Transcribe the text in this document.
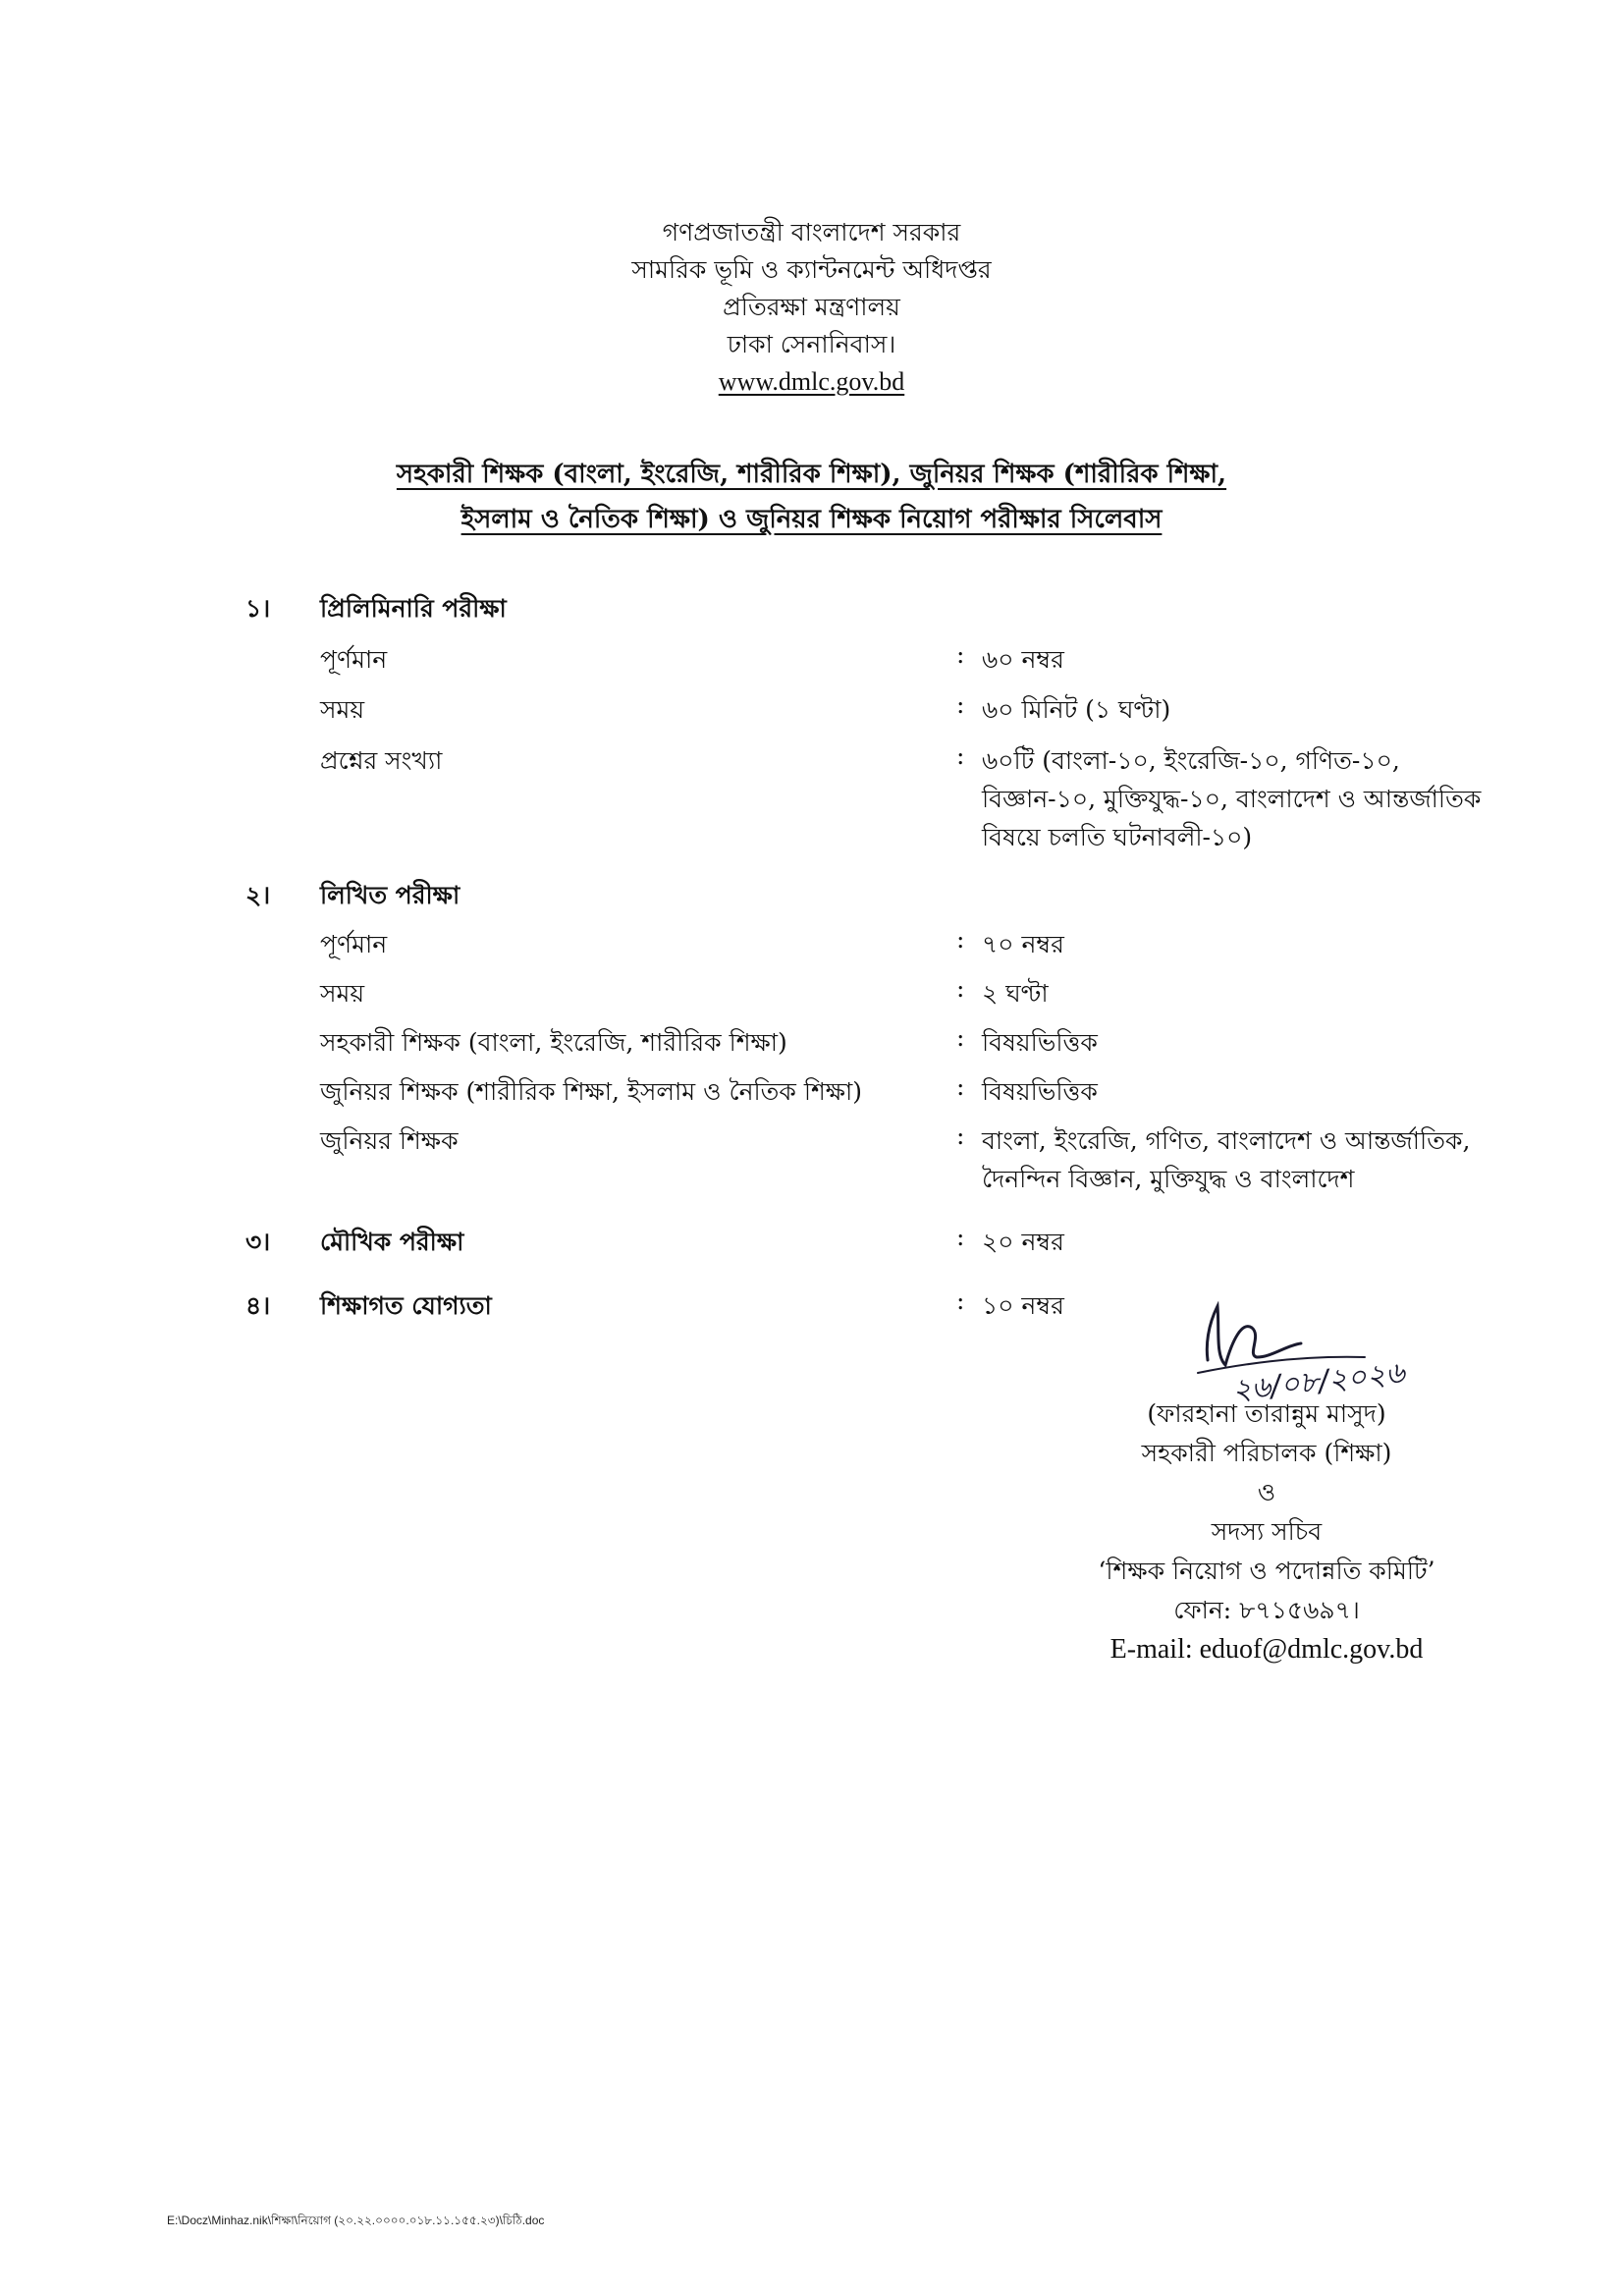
গণপ্রজাতন্ত্রী বাংলাদেশ সরকার
সামরিক ভূমি ও ক্যান্টনমেন্ট অধিদপ্তর
প্রতিরক্ষা মন্ত্রণালয়
ঢাকা সেনানিবাস।
www.dmlc.gov.bd
সহকারী শিক্ষক (বাংলা, ইংরেজি, শারীরিক শিক্ষা), জুনিয়র শিক্ষক (শারীরিক শিক্ষা,
ইসলাম ও নৈতিক শিক্ষা) ও জুনিয়র শিক্ষক নিয়োগ পরীক্ষার সিলেবাস
১। প্রিলিমিনারি পরীক্ষা
পূর্ণমান	: ৬০ নম্বর
সময়	: ৬০ মিনিট (১ ঘণ্টা)
প্রশ্নের সংখ্যা	: ৬০টি (বাংলা-১০, ইংরেজি-১০, গণিত-১০, বিজ্ঞান-১০, মুক্তিযুদ্ধ-১০, বাংলাদেশ ও আন্তর্জাতিক বিষয়ে চলতি ঘটনাবলী-১০)
২। লিখিত পরীক্ষা
পূর্ণমান	: ৭০ নম্বর
সময়	: ২ ঘণ্টা
সহকারী শিক্ষক (বাংলা, ইংরেজি, শারীরিক শিক্ষা)	: বিষয়ভিত্তিক
জুনিয়র শিক্ষক (শারীরিক শিক্ষা, ইসলাম ও নৈতিক শিক্ষা)	: বিষয়ভিত্তিক
জুনিয়র শিক্ষক	: বাংলা, ইংরেজি, গণিত, বাংলাদেশ ও আন্তর্জাতিক, দৈনন্দিন বিজ্ঞান, মুক্তিযুদ্ধ ও বাংলাদেশ
৩। মৌখিক পরীক্ষা	: ২০ নম্বর
৪। শিক্ষাগত যোগ্যতা	: ১০ নম্বর
২৬/০৮/২০২৬
(ফারহানা তারান্নুম মাসুদ)
সহকারী পরিচালক (শিক্ষা)
ও
সদস্য সচিব
‘শিক্ষক নিয়োগ ও পদোন্নতি কমিটি’
ফোন: ৮৭১৫৬৯৭।
E-mail: eduof@dmlc.gov.bd
E:\Docz\Minhaz.nik\শিক্ষা\নিয়োগ (২০.২২.০০০০.০১৮.১১.১৫৫.২৩)\চিঠি.doc
